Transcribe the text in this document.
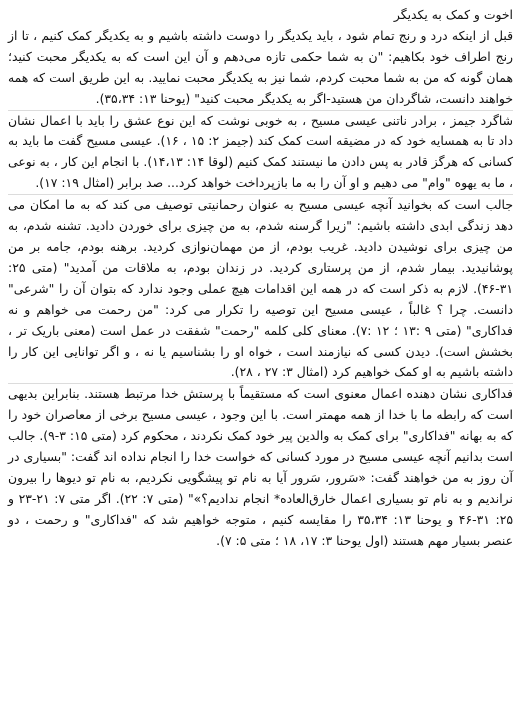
اخوت و کمک به یکدیگر

قبل از اینکه درد و رنج تمام شود ، باید یکدیگر را دوست داشته باشیم و به یکدیگر کمک کنیم ، تا از رنج اطراف خود بکاهیم: "ن به شما حکمی تازه می‌دهم و آن این است که به یکدیگر محبت کنید؛ همان گونه که من به شما محبت کردم، شما نیز به یکدیگر محبت نمایید. به این طریق است که همه خواهند دانست، شاگردان من هستید-اگر به یکدیگر محبت کنید" (یوحنا ۱۳: ۳۵،۳۴).

شاگرد جیمز ، برادر ناتنی عیسی مسیح ، به خوبی نوشت که این نوع عشق را باید با اعمال نشان داد تا به همسایه خود که در مضیقه است کمک کند (جیمز ۲: ۱۵ ، ۱۶). عیسی مسیح گفت ما باید به کسانی که هرگز قادر به پس دادن ما نیستند کمک کنیم (لوقا ۱۴: ۱۴،۱۳). با انجام این کار ، به نوعی ، ما به یهوه "وام" می دهیم و او آن را به ما بازپرداخت خواهد کرد... صد برابر (امثال ۱۹: ۱۷).

جالب است که بخوانید آنچه عیسی مسیح به عنوان رحمانیتی توصیف می کند که به ما امکان می دهد زندگی ابدی داشته باشیم: "زیرا گرسنه شدم، به من چیزی برای خوردن دادید. تشنه شدم، به من چیزی برای نوشیدن دادید. غریب بودم، از من مهمان‌نوازی کردید. برهنه بودم، جامه بر من پوشانیدید. بیمار شدم، از من پرستاری کردید. در زندان بودم، به ملاقات من آمدید" (متی ۲۵: ۳۱-۴۶). لازم به ذکر است که در همه این اقدامات هیچ عملی وجود ندارد که بتوان آن را "شرعی" دانست. چرا ؟ غالباً ، عیسی مسیح این توصیه را تکرار می کرد: "من رحمت می خواهم و نه فداکاری" (متی ۹ :۱۳ ؛ ۱۲ :۷). معنای کلی کلمه "رحمت" شفقت در عمل است (معنی باریک تر ، بخشش است). دیدن کسی که نیازمند است ، خواه او را بشناسیم یا نه ، و اگر توانایی این کار را داشته باشیم به او کمک خواهیم کرد (امثال ۳: ۲۷ ، ۲۸).

فداکاری نشان دهنده اعمال معنوی است که مستقیماً با پرستش خدا مرتبط هستند. بنابراین بدیهی است که رابطه ما با خدا از همه مهمتر است. با این وجود ، عیسی مسیح برخی از معاصران خود را که به بهانه "فداکاری" برای کمک به والدین پیر خود کمک نکردند ، محکوم کرد (متی ۱۵: ۳-۹). جالب است بدانیم آنچه عیسی مسیح در مورد کسانی که خواست خدا را انجام نداده اند گفت: "بسیاری در آن روز به من خواهند گفت: «سَرور، سَرور آیا به نام تو پیشگویی نکردیم، به نام تو دیوها را بیرون نراندیم و به نام تو بسیاری اعمال خارق‌العاده* انجام ندادیم؟»" (متی ۷: ۲۲). اگر متی ۷: ۲۱-۲۳ و ۲۵: ۳۱-۴۶ و یوحنا ۱۳: ۳۵،۳۴ را مقایسه کنیم ، متوجه خواهیم شد که "فداکاری" و رحمت ، دو عنصر بسیار مهم هستند (اول یوحنا ۳: ۱۷، ۱۸ ؛ متی ۵: ۷).
